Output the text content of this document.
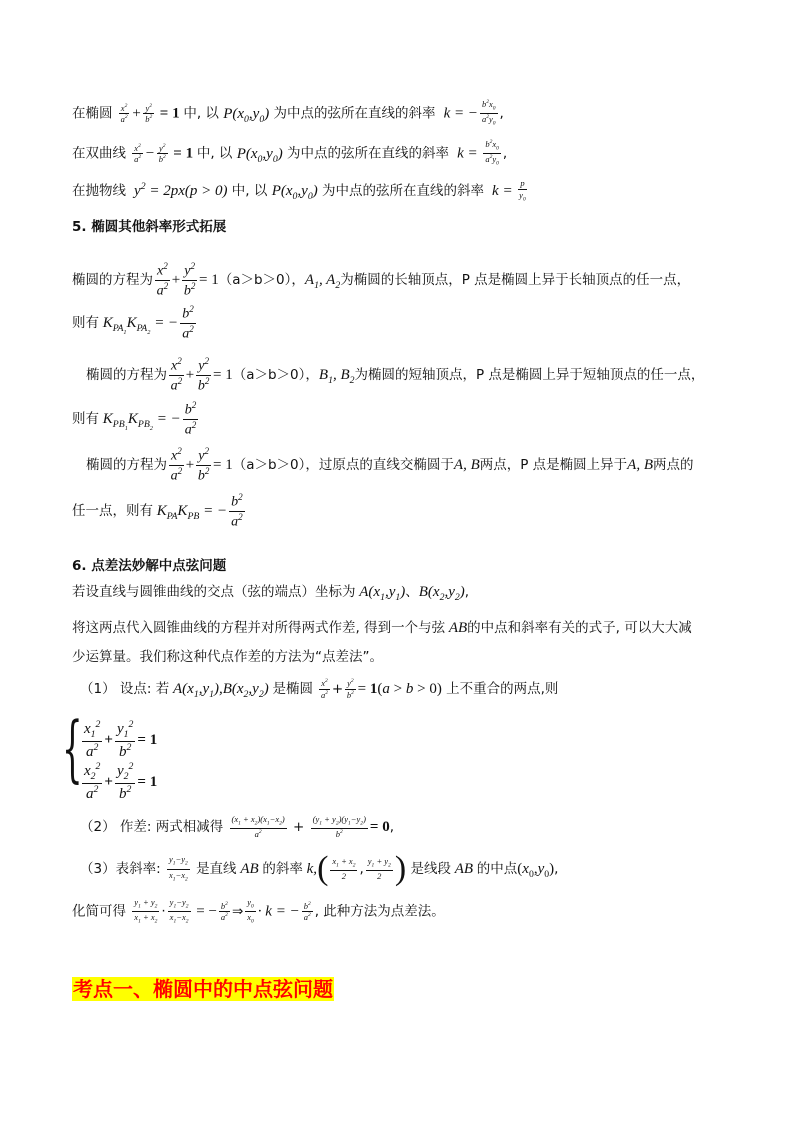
在椭圆 $\frac{x^2}{a^2} + \frac{y^2}{b^2} = 1$ 中, 以 $P(x_0,y_0)$ 为中点的弦所在直线的斜率  k = − $\frac{b^2x_0}{a^2y_0}$ ,
在双曲线 $\frac{x^2}{a^2} - \frac{y^2}{b^2} = 1$ 中, 以 $P(x_0,y_0)$ 为中点的弦所在直线的斜率  $k = \frac{b^2x_0}{a^2y_0}$ ,
在抛物线  $y^2 = 2px(p > 0)$ 中, 以 $P(x_0,y_0)$ 为中点的弦所在直线的斜率  $k = \frac{p}{y_0}$
5. 椭圆其他斜率形式拓展
椭圆的方程为 $\frac{x^2}{a^2} + \frac{y^2}{b^2} = 1(a>b>0)$，$A_1$, $A_2$为椭圆的长轴顶点，P 点是椭圆上异于长轴顶点的任一点，
则有 $K_{PA_1}K_{PA_2}$ = − $\frac{b^2}{a^2}$
椭圆的方程为 $\frac{x^2}{a^2} + \frac{y^2}{b^2} = 1(a>b>0)$，$B_1$, $B_2$为椭圆的短轴顶点，P 点是椭圆上异于短轴顶点的任一点，
则有 $K_{PB_1}K_{PB_2}$ = − $\frac{b^2}{a^2}$
椭圆的方程为 $\frac{x^2}{a^2} + \frac{y^2}{b^2} = 1(a>b>0)$，过原点的直线交椭圆于A, B两点，P 点是椭圆上异于A, B两点的
任一点，则有 $K_{PA}K_{PB}$ = − $\frac{b^2}{a^2}$
6. 点差法妙解中点弦问题
若设直线与圆锥曲线的交点（弦的端点）坐标为 $A(x_1,y_1)$、$B(x_2,y_2)$,
将这两点代入圆锥曲线的方程并对所得两式作差, 得到一个与弦 AB的中点和斜率有关的式子, 可以大大减
少运算量。我们称这种代点作差的方法为“点差法”。
（1） 设点: 若 $A(x_1,y_1),B(x_2,y_2)$ 是椭圆 $\frac{x^2}{a^2} + \frac{y^2}{b^2} = 1(a > b > 0)$ 上不重合的两点,则
{ $\frac{x_1^2}{a^2} + \frac{y_1^2}{b^2} = 1$
$\frac{x_2^2}{a^2} + \frac{y_2^2}{b^2} = 1$
（2） 作差: 两式相减得 $\frac{(x_1 + x_2)(x_1-x_2)}{a^2} + \frac{(y_1 + y_2)(y_1-y_2)}{b^2} = 0$,
（3）表斜率: $\frac{y_1-y_2}{x_1-x_2}$ 是直线 AB 的斜率 $k,( \frac{x_1 + x_2}{2}$ , $\frac{y_1 + y_2}{2}$ ) 是线段 AB 的中点$(x_0,y_0)$,
化简可得 $\frac{y_1 + y_2}{x_1 + x_2} \cdot \frac{y_1-y_2}{x_1-x_2}$ = − $\frac{b^2}{a^2}$ ⇒ $\frac{y_0}{x_0} \cdot k$ = − $\frac{b^2}{a^2}$ , 此种方法为点差法。
考点一、椭圆中的中点弦问题
